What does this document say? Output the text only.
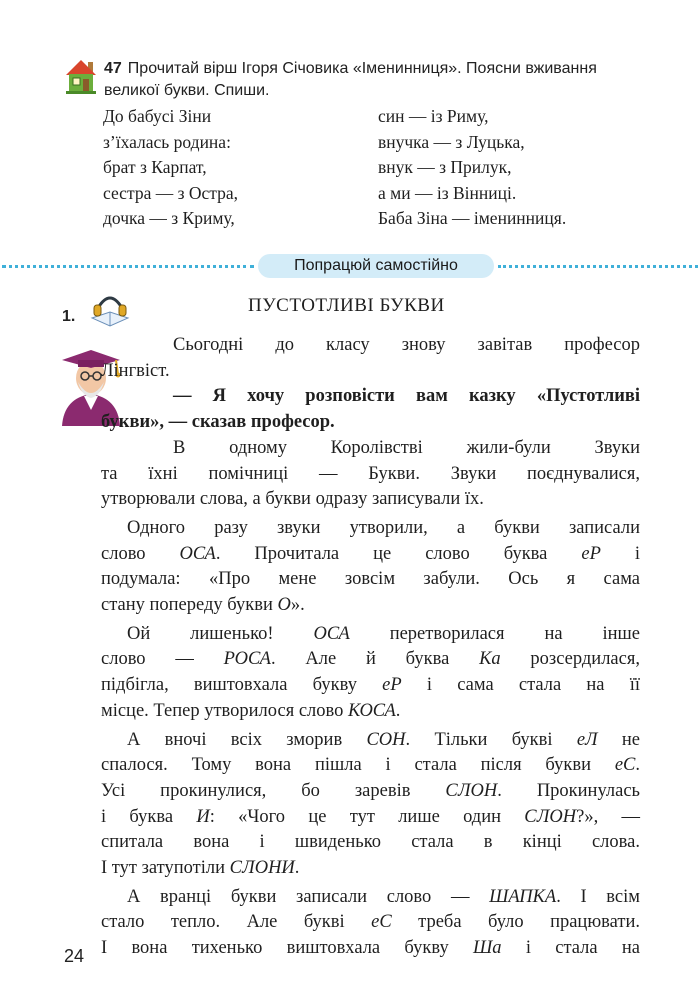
47 Прочитай вірш Ігоря Січовика «Іменинниця». Поясни вживання великої букви. Спиши.
До бабусі Зіни
з’їхалась родина:
брат з Карпат,
сестра — з Остра,
дочка — з Криму,
син — із Риму,
внучка — з Луцька,
внук — з Прилук,
а ми — із Вінниці.
Баба Зіна — іменинниця.
Попрацюй самостійно
1.
ПУСТОТЛИВІ БУКВИ

Сьогодні до класу знову завітав професор

Лінгвіст.

— Я хочу розповісти вам казку «Пустотливі

букви», — сказав професор.

В одному Королівстві жили-були Звуки

та їхні помічниці — Букви. Звуки поєднувалися,

утворювали слова, а букви одразу записували їх.

Одного разу звуки утворили, а букви записали

слово ОСА. Прочитала це слово буква еР і

подумала: «Про мене зовсім забули. Ось я сама

стану попереду букви О».

Ой лишенько! ОСА перетворилася на інше

слово — РОСА. Але й буква Ка розсердилася,

підбігла, виштовхала букву еР і сама стала на її

місце. Тепер утворилося слово КОСА.

А вночі всіх зморив СОН. Тільки букві еЛ не

спалося. Тому вона пішла і стала після букви еС.

Усі прокинулися, бо заревів СЛОН. Прокинулась

і буква И: «Чого це тут лише один СЛОН?», —

спитала вона і швиденько стала в кінці слова.

І тут затупотіли СЛОНИ.

А вранці букви записали слово — ШАПКА. І всім

стало тепло. Але букві еС треба було працювати.

І вона тихенько виштовхала букву Ша і стала на

24
